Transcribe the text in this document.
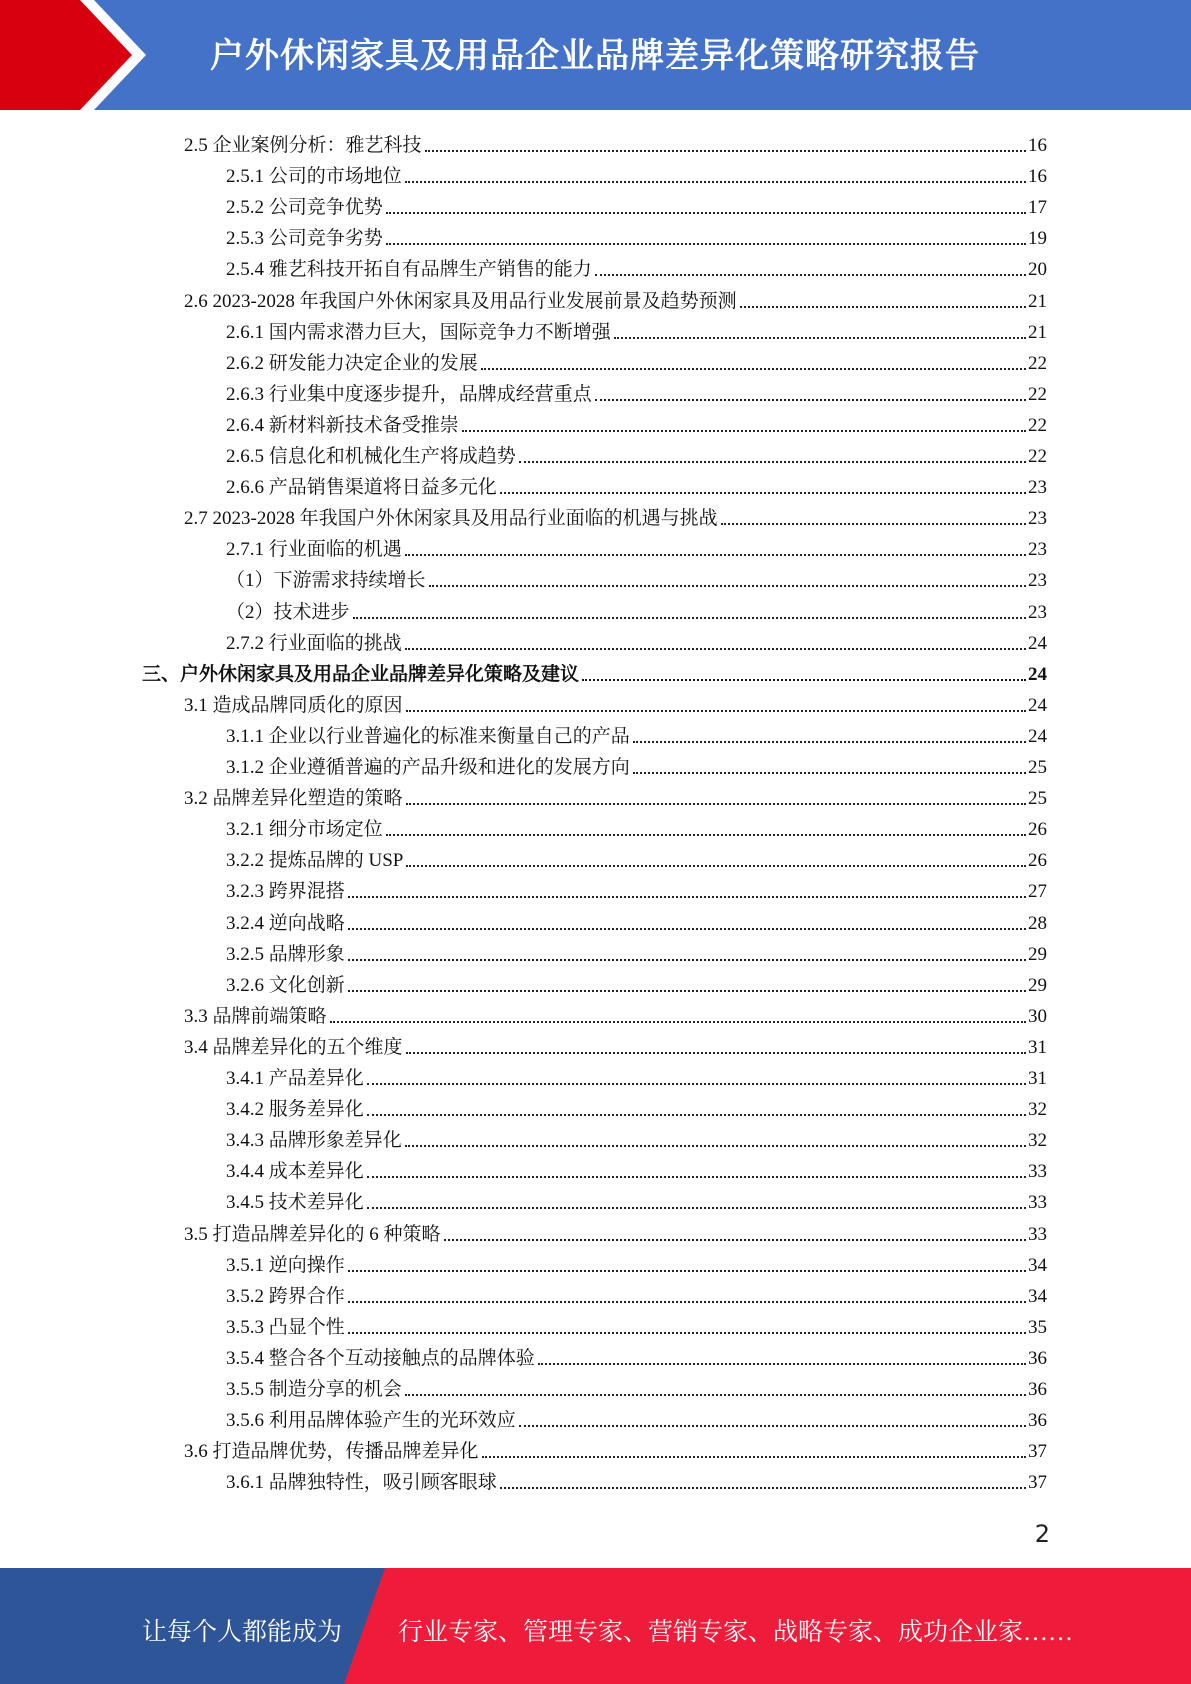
户外休闲家具及用品企业品牌差异化策略研究报告
2.5 企业案例分析：雅艺科技	16
2.5.1 公司的市场地位	16
2.5.2 公司竞争优势	17
2.5.3 公司竞争劣势	19
2.5.4 雅艺科技开拓自有品牌生产销售的能力	20
2.6 2023-2028 年我国户外休闲家具及用品行业发展前景及趋势预测	21
2.6.1 国内需求潜力巨大，国际竞争力不断增强	21
2.6.2 研发能力决定企业的发展	22
2.6.3 行业集中度逐步提升，品牌成经营重点	22
2.6.4 新材料新技术备受推崇	22
2.6.5 信息化和机械化生产将成趋势	22
2.6.6 产品销售渠道将日益多元化	23
2.7 2023-2028 年我国户外休闲家具及用品行业面临的机遇与挑战	23
2.7.1 行业面临的机遇	23
（1）下游需求持续增长	23
（2）技术进步	23
2.7.2 行业面临的挑战	24
三、户外休闲家具及用品企业品牌差异化策略及建议	24
3.1 造成品牌同质化的原因	24
3.1.1 企业以行业普遍化的标准来衡量自己的产品	24
3.1.2 企业遵循普遍的产品升级和进化的发展方向	25
3.2 品牌差异化塑造的策略	25
3.2.1 细分市场定位	26
3.2.2 提炼品牌的 USP	26
3.2.3 跨界混搭	27
3.2.4 逆向战略	28
3.2.5 品牌形象	29
3.2.6 文化创新	29
3.3 品牌前端策略	30
3.4 品牌差异化的五个维度	31
3.4.1 产品差异化	31
3.4.2 服务差异化	32
3.4.3 品牌形象差异化	32
3.4.4 成本差异化	33
3.4.5 技术差异化	33
3.5 打造品牌差异化的 6 种策略	33
3.5.1 逆向操作	34
3.5.2 跨界合作	34
3.5.3 凸显个性	35
3.5.4 整合各个互动接触点的品牌体验	36
3.5.5 制造分享的机会	36
3.5.6 利用品牌体验产生的光环效应	36
3.6 打造品牌优势，传播品牌差异化	37
3.6.1 品牌独特性，吸引顾客眼球	37
2
让每个人都能成为 行业专家、管理专家、营销专家、战略专家、成功企业家……
